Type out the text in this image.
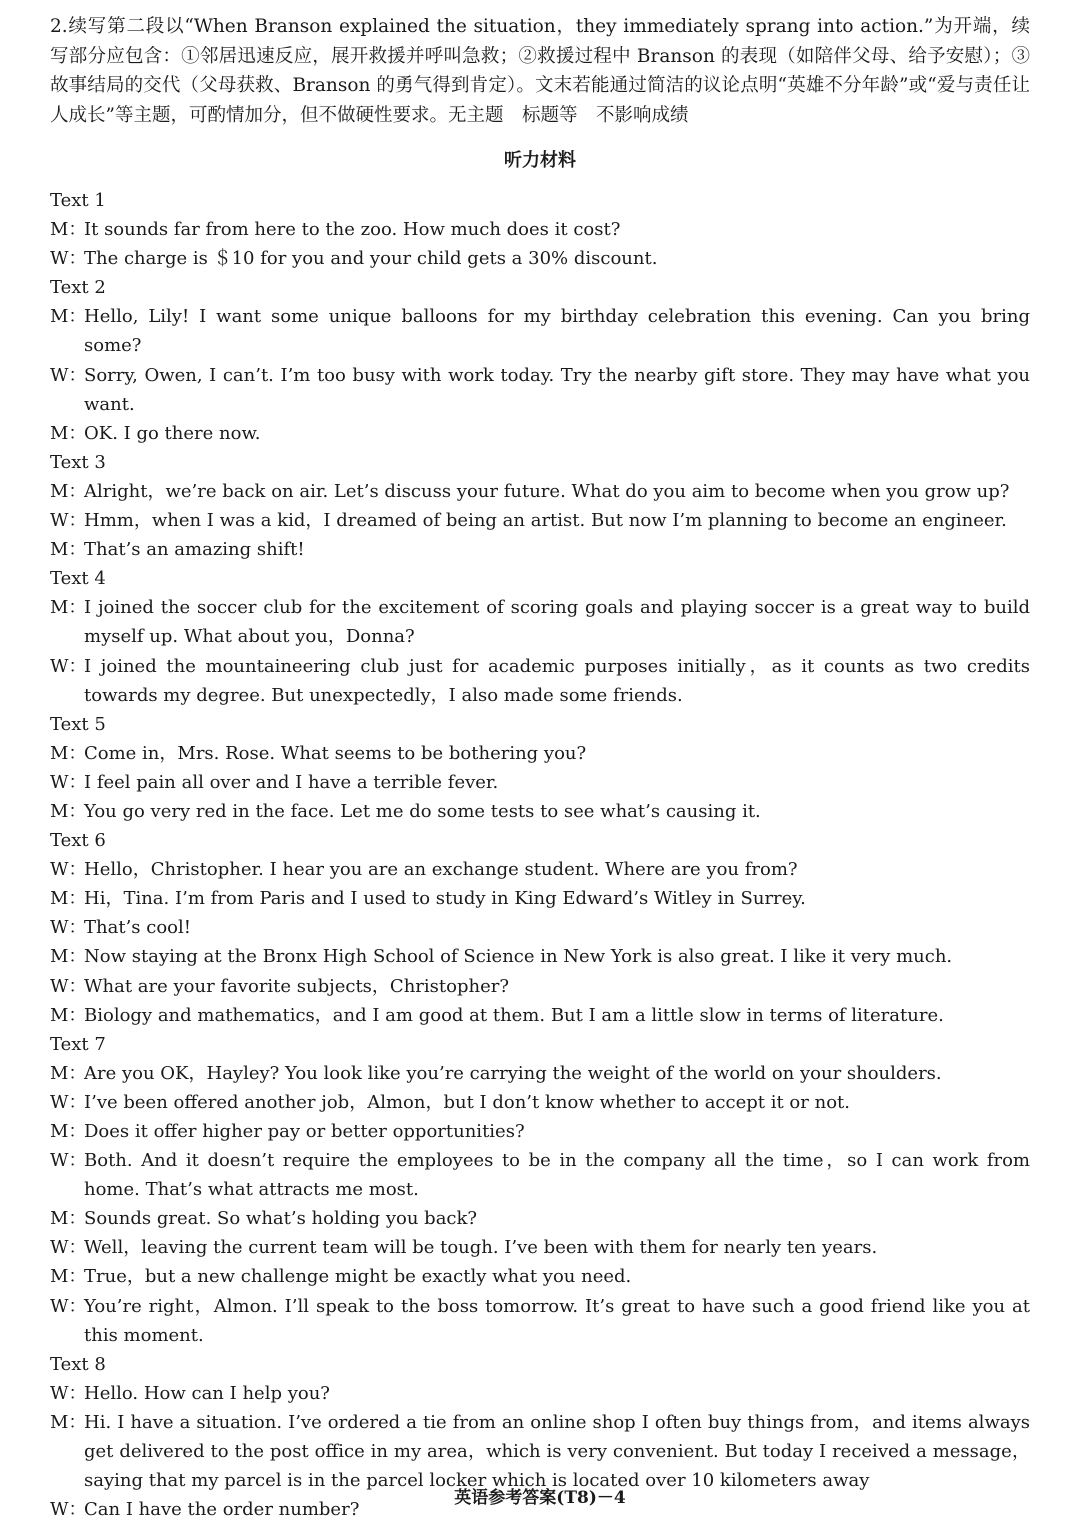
2.续写第二段以“When Branson explained the situation，they immediately sprang into action.”为开端，续写部分应包含：①邻居迅速反应，展开救援并呼叫急救；②救援过程中 Branson 的表现（如陪伴父母、给予安慰）；③故事结局的交代（父母获救、Branson 的勇气得到肯定）。文末若能通过简洁的议论点明“英雄不分年龄”或“爱与责任让人成长”等主题，可酌情加分，但不做硬性要求。无主题　标题等　不影响成绩

听力材料
Text 1
M：
It sounds far from here to the zoo. How much does it cost?
W：
The charge is ＄10 for you and your child gets a 30% discount.
Text 2
M：
Hello, Lily! I want some unique balloons for my birthday celebration this evening. Can you bring some?
W：
Sorry, Owen, I can’t. I’m too busy with work today. Try the nearby gift store. They may have what you want.
M：
OK. I go there now.
Text 3
M：
Alright，we’re back on air. Let’s discuss your future. What do you aim to become when you grow up?
W：
Hmm，when I was a kid，I dreamed of being an artist. But now I’m planning to become an engineer.
M：
That’s an amazing shift!
Text 4
M：
I joined the soccer club for the excitement of scoring goals and playing soccer is a great way to build myself up. What about you，Donna?
W：
I joined the mountaineering club just for academic purposes initially，as it counts as two credits towards my degree. But unexpectedly，I also made some friends.
Text 5
M：
Come in，Mrs. Rose. What seems to be bothering you?
W：
I feel pain all over and I have a terrible fever.
M：
You go very red in the face. Let me do some tests to see what’s causing it.
Text 6
W：
Hello，Christopher. I hear you are an exchange student. Where are you from?
M：
Hi，Tina. I’m from Paris and I used to study in King Edward’s Witley in Surrey.
W：
That’s cool!
M：
Now staying at the Bronx High School of Science in New York is also great. I like it very much.
W：
What are your favorite subjects，Christopher?
M：
Biology and mathematics，and I am good at them. But I am a little slow in terms of literature.
Text 7
M：
Are you OK，Hayley? You look like you’re carrying the weight of the world on your shoulders.
W：
I’ve been offered another job，Almon，but I don’t know whether to accept it or not.
M：
Does it offer higher pay or better opportunities?
W：
Both. And it doesn’t require the employees to be in the company all the time，so I can work from home. That’s what attracts me most.
M：
Sounds great. So what’s holding you back?
W：
Well，leaving the current team will be tough. I’ve been with them for nearly ten years.
M：
True，but a new challenge might be exactly what you need.
W：
You’re right，Almon. I’ll speak to the boss tomorrow. It’s great to have such a good friend like you at this moment.
Text 8
W：
Hello. How can I help you?
M：
Hi. I have a situation. I’ve ordered a tie from an online shop I often buy things from，and items always get delivered to the post office in my area，which is very convenient. But today I received a message，saying that my parcel is in the parcel locker which is located over 10 kilometers away
W：
Can I have the order number?
英语参考答案(T8)－4
